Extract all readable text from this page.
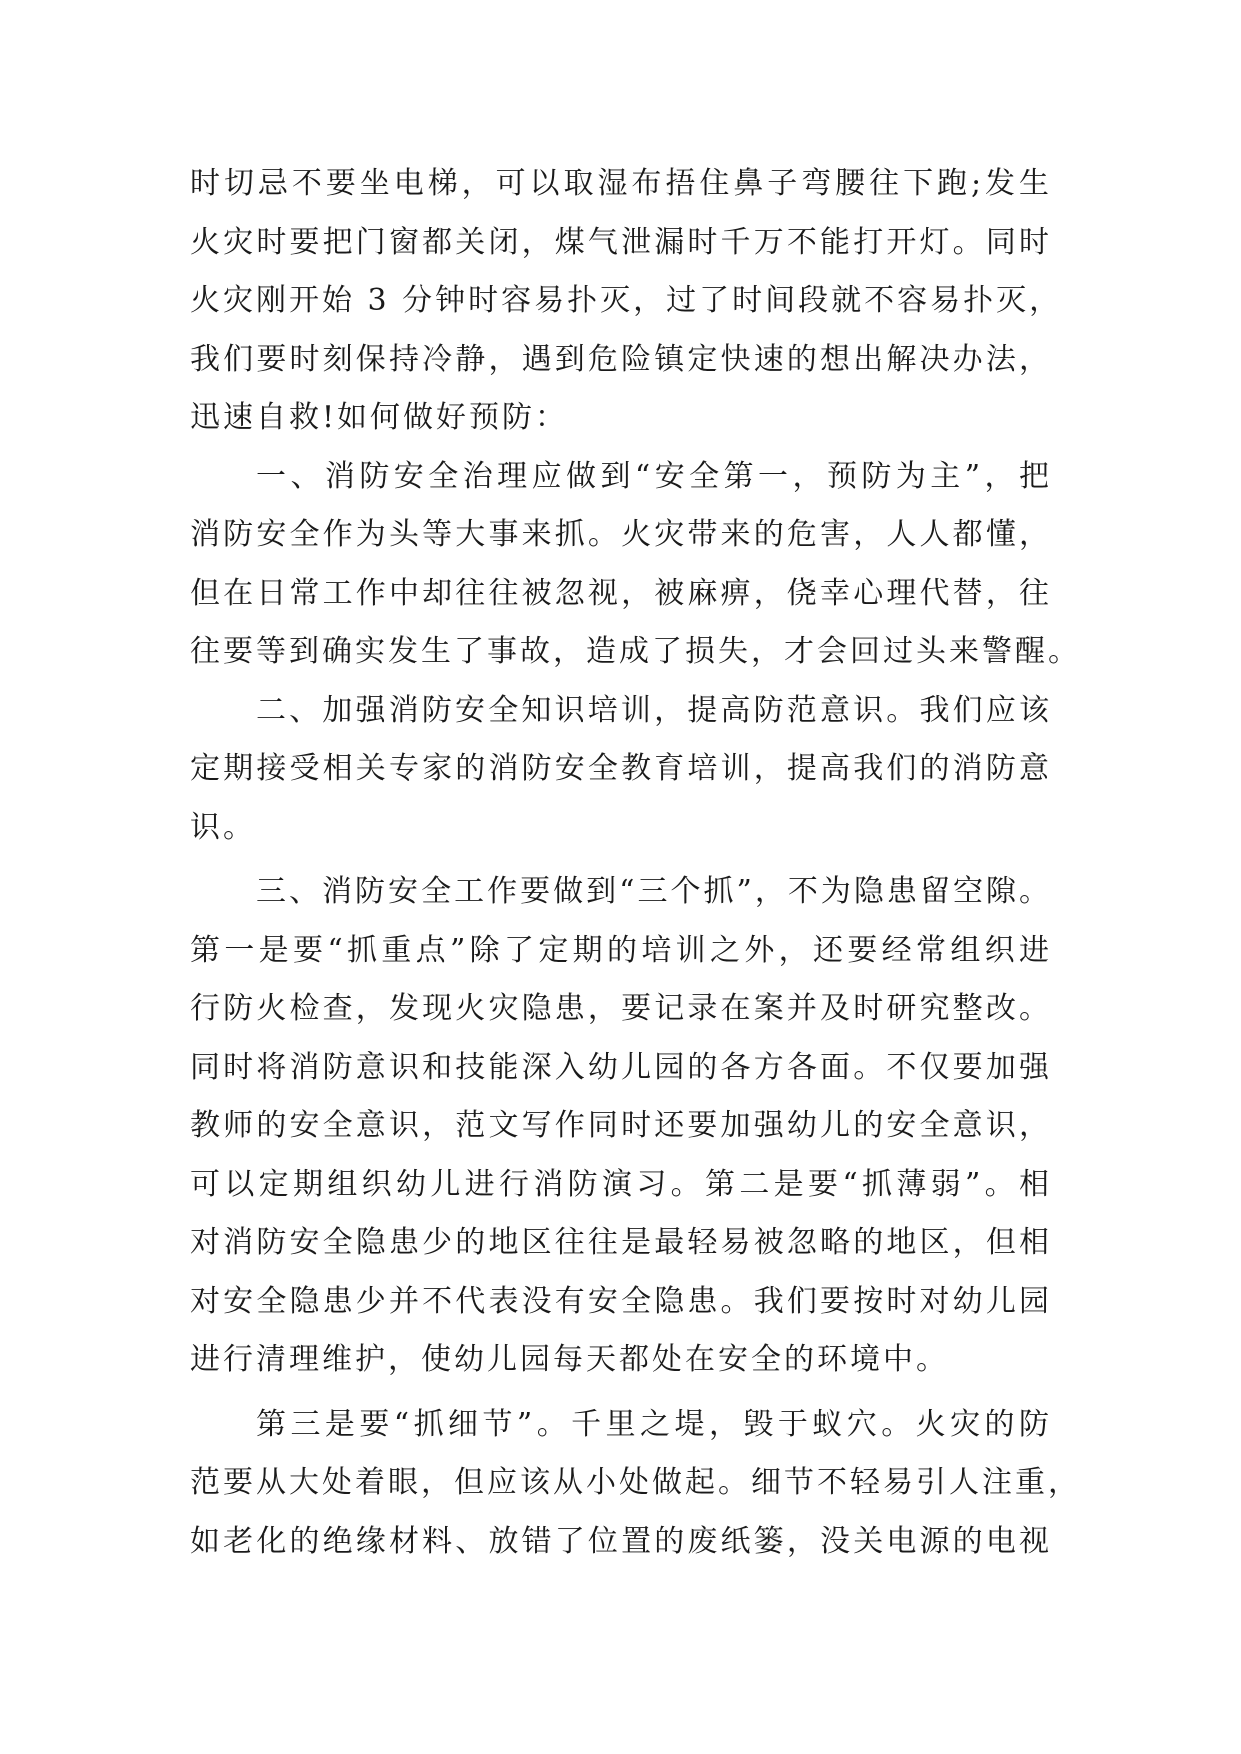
时切忌不要坐电梯，可以取湿布捂住鼻子弯腰往下跑;发生
火灾时要把门窗都关闭，煤气泄漏时千万不能打开灯。同时
火灾刚开始 3 分钟时容易扑灭，过了时间段就不容易扑灭，
我们要时刻保持冷静，遇到危险镇定快速的想出解决办法，
迅速自救!如何做好预防：
一、消防安全治理应做到“安全第一，预防为主”，把
消防安全作为头等大事来抓。火灾带来的危害，人人都懂，
但在日常工作中却往往被忽视，被麻痹，侥幸心理代替，往
往要等到确实发生了事故，造成了损失，才会回过头来警醒。
二、加强消防安全知识培训，提高防范意识。我们应该
定期接受相关专家的消防安全教育培训，提高我们的消防意
识。
三、消防安全工作要做到“三个抓”，不为隐患留空隙。
第一是要“抓重点”除了定期的培训之外，还要经常组织进
行防火检查，发现火灾隐患，要记录在案并及时研究整改。
同时将消防意识和技能深入幼儿园的各方各面。不仅要加强
教师的安全意识，范文写作同时还要加强幼儿的安全意识，
可以定期组织幼儿进行消防演习。第二是要“抓薄弱”。相
对消防安全隐患少的地区往往是最轻易被忽略的地区，但相
对安全隐患少并不代表没有安全隐患。我们要按时对幼儿园
进行清理维护，使幼儿园每天都处在安全的环境中。
第三是要“抓细节”。千里之堤，毁于蚁穴。火灾的防
范要从大处着眼，但应该从小处做起。细节不轻易引人注重，
如老化的绝缘材料、放错了位置的废纸篓，没关电源的电视
